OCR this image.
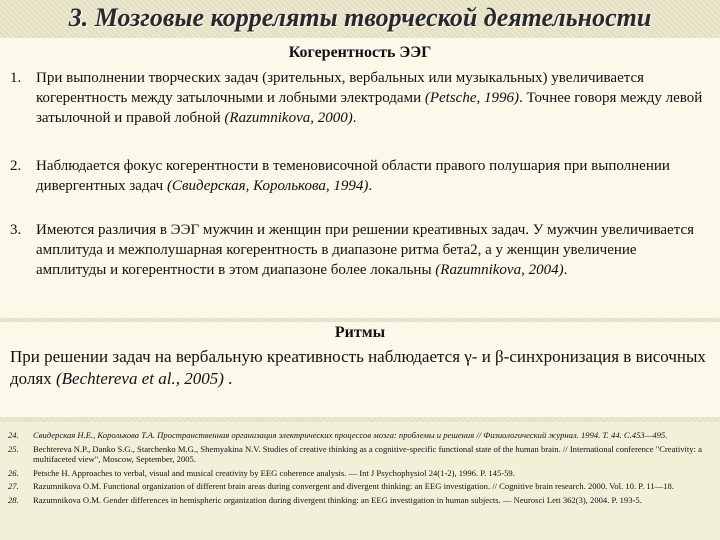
3. Мозговые корреляты творческой деятельности
Когерентность ЭЭГ
1. При выполнении творческих задач (зрительных, вербальных или музыкальных) увеличивается когерентность между затылочными и лобными электродами (Petsche, 1996). Точнее говоря между левой затылочной и правой лобной (Razumnikova, 2000).
2. Наблюдается фокус когерентности в теменовисочной области правого полушария при выполнении дивергентных задач (Свидерская, Королькова, 1994).
3. Имеются различия в ЭЭГ мужчин и женщин при решении креативных задач. У мужчин увеличивается амплитуда и межполушарная когерентность в диапазоне ритма бета2, а у женщин увеличение амплитуды и когерентности в этом диапазоне более локальны (Razumnikova, 2004).
Ритмы
При решении задач на вербальную креативность наблюдается γ- и β-синхронизация в височных долях (Bechtereva et al., 2005) .
24. Свидерская Н.Е., Королькова Т.А. Пространственная организация электрических процессов мозга: проблемы и решения // Физиологический журнал. 1994. Т. 44. С.453—495.
25. Bechtereva N.P., Danko S.G., Starchenko M.G., Shemyakina N.V. Studies of creative thinking as a cognitive-specific functional state of the human brain. // International conference "Creativity: a multifaceted view", Moscow, September, 2005.
26. Petsche H. Approaches to verbal, visual and musical creativity by EEG coherence analysis. — Int J Psychophysiol 24(1-2), 1996. P. 145-59.
27. Razumnikova O.M. Functional organization of different brain areas during convergent and divergent thinking: an EEG investigation. // Cognitive brain research. 2000. Vol. 10. P. 11—18.
28. Razumnikova O.M. Gender differences in hemispheric organization during divergent thinking: an EEG investigation in human subjects. — Neurosci Lett 362(3), 2004. P. 193-5.
